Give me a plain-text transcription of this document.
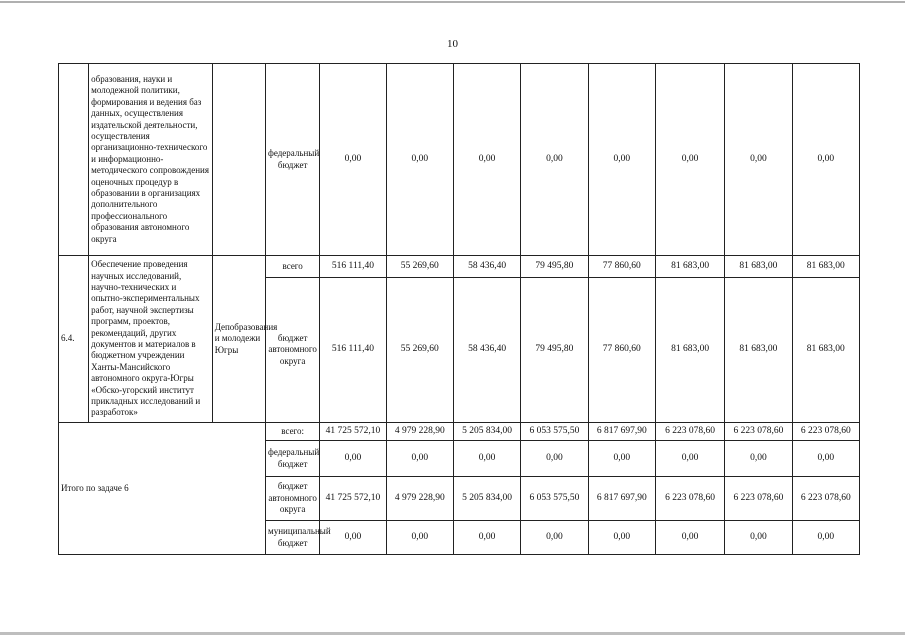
10
	образования, науки и молодежной политики, формирования и ведения баз данных, осуществления издательской деятельности, осуществления организационно-технического и информационно-методического сопровождения оценочных процедур в образовании в организациях дополнительного профессионального образования автономного округа		федеральный бюджет	0,00	0,00	0,00	0,00	0,00	0,00	0,00	0,00
6.4.	Обеспечение проведения научных исследований, научно-технических и опытно-экспериментальных работ, научной экспертизы программ, проектов, рекомендаций, других документов и материалов в бюджетном учреждении Ханты-Мансийского автономного округа-Югры «Обско-угорский институт прикладных исследований и разработок»	Депобразования и молодежи Югры	всего	516 111,40	55 269,60	58 436,40	79 495,80	77 860,60	81 683,00	81 683,00	81 683,00
			бюджет автономного округа	516 111,40	55 269,60	58 436,40	79 495,80	77 860,60	81 683,00	81 683,00	81 683,00
Итого по задаче 6			всего:	41 725 572,10	4 979 228,90	5 205 834,00	6 053 575,50	6 817 697,90	6 223 078,60	6 223 078,60	6 223 078,60
			федеральный бюджет	0,00	0,00	0,00	0,00	0,00	0,00	0,00	0,00
			бюджет автономного округа	41 725 572,10	4 979 228,90	5 205 834,00	6 053 575,50	6 817 697,90	6 223 078,60	6 223 078,60	6 223 078,60
			муниципальный бюджет	0,00	0,00	0,00	0,00	0,00	0,00	0,00	0,00
